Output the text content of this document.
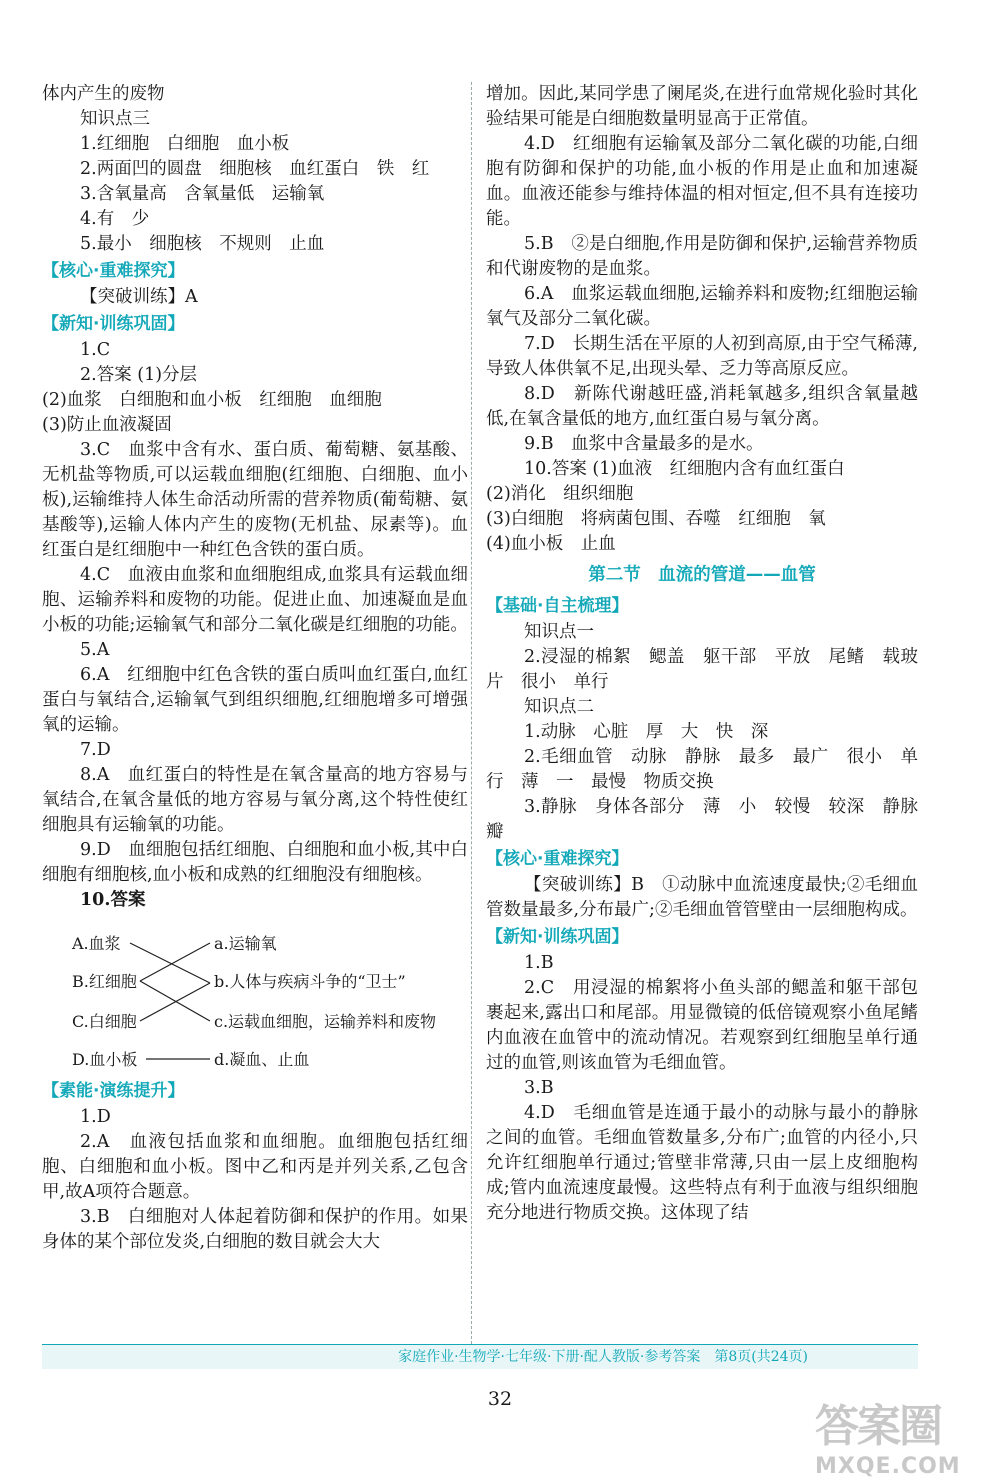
体内产生的废物

知识点三

1.红细胞　白细胞　血小板

2.两面凹的圆盘　细胞核　血红蛋白　铁　红

3.含氧量高　含氧量低　运输氧

4.有　少

5.最小　细胞核　不规则　止血

【核心·重难探究】

【突破训练】A

【新知·训练巩固】

1.C

2.答案 (1)分层

(2)血浆　白细胞和血小板　红细胞　血细胞

(3)防止血液凝固

3.C　血浆中含有水、蛋白质、葡萄糖、氨基酸、无机盐等物质,可以运载血细胞(红细胞、白细胞、血小板),运输维持人体生命活动所需的营养物质(葡萄糖、氨基酸等),运输人体内产生的废物(无机盐、尿素等)。血红蛋白是红细胞中一种红色含铁的蛋白质。

4.C　血液由血浆和血细胞组成,血浆具有运载血细胞、运输养料和废物的功能。促进止血、加速凝血是血小板的功能;运输氧气和部分二氧化碳是红细胞的功能。

5.A

6.A　红细胞中红色含铁的蛋白质叫血红蛋白,血红蛋白与氧结合,运输氧气到组织细胞,红细胞增多可增强氧的运输。

7.D

8.A　血红蛋白的特性是在氧含量高的地方容易与氧结合,在氧含量低的地方容易与氧分离,这个特性使红细胞具有运输氧的功能。

9.D　血细胞包括红细胞、白细胞和血小板,其中白细胞有细胞核,血小板和成熟的红细胞没有细胞核。

10.答案

A.血浆
B.红细胞
C.白细胞
D.血小板
a.运输氧
b.人体与疾病斗争的“卫士”
c.运载血细胞，运输养料和废物
d.凝血、止血
【素能·演练提升】

1.D

2.A　血液包括血浆和血细胞。血细胞包括红细胞、白细胞和血小板。图中乙和丙是并列关系,乙包含甲,故A项符合题意。

3.B　白细胞对人体起着防御和保护的作用。如果身体的某个部位发炎,白细胞的数目就会大大

增加。因此,某同学患了阑尾炎,在进行血常规化验时其化验结果可能是白细胞数量明显高于正常值。

4.D　红细胞有运输氧及部分二氧化碳的功能,白细胞有防御和保护的功能,血小板的作用是止血和加速凝血。血液还能参与维持体温的相对恒定,但不具有连接功能。

5.B　②是白细胞,作用是防御和保护,运输营养物质和代谢废物的是血浆。

6.A　血浆运载血细胞,运输养料和废物;红细胞运输氧气及部分二氧化碳。

7.D　长期生活在平原的人初到高原,由于空气稀薄,导致人体供氧不足,出现头晕、乏力等高原反应。

8.D　新陈代谢越旺盛,消耗氧越多,组织含氧量越低,在氧含量低的地方,血红蛋白易与氧分离。

9.B　血浆中含量最多的是水。

10.答案 (1)血液　红细胞内含有血红蛋白

(2)消化　组织细胞

(3)白细胞　将病菌包围、吞噬　红细胞　氧

(4)血小板　止血

第二节　血流的管道——血管
【基础·自主梳理】

知识点一

2.浸湿的棉絮　鳃盖　躯干部　平放　尾鳍　载玻片　很小　单行

知识点二

1.动脉　心脏　厚　大　快　深

2.毛细血管　动脉　静脉　最多　最广　很小　单行　薄　一　最慢　物质交换

3.静脉　身体各部分　薄　小　较慢　较深　静脉瓣

【核心·重难探究】

【突破训练】B　①动脉中血流速度最快;②毛细血管数量最多,分布最广;②毛细血管管壁由一层细胞构成。

【新知·训练巩固】

1.B

2.C　用浸湿的棉絮将小鱼头部的鳃盖和躯干部包裹起来,露出口和尾部。用显微镜的低倍镜观察小鱼尾鳍内血液在血管中的流动情况。若观察到红细胞呈单行通过的血管,则该血管为毛细血管。

3.B

4.D　毛细血管是连通于最小的动脉与最小的静脉之间的血管。毛细血管数量多,分布广;血管的内径小,只允许红细胞单行通过;管壁非常薄,只由一层上皮细胞构成;管内血流速度最慢。这些特点有利于血液与组织细胞充分地进行物质交换。这体现了结

家庭作业·生物学·七年级·下册·配人教版·参考答案　第8页(共24页)
32
答案圈
MXQE.COM
